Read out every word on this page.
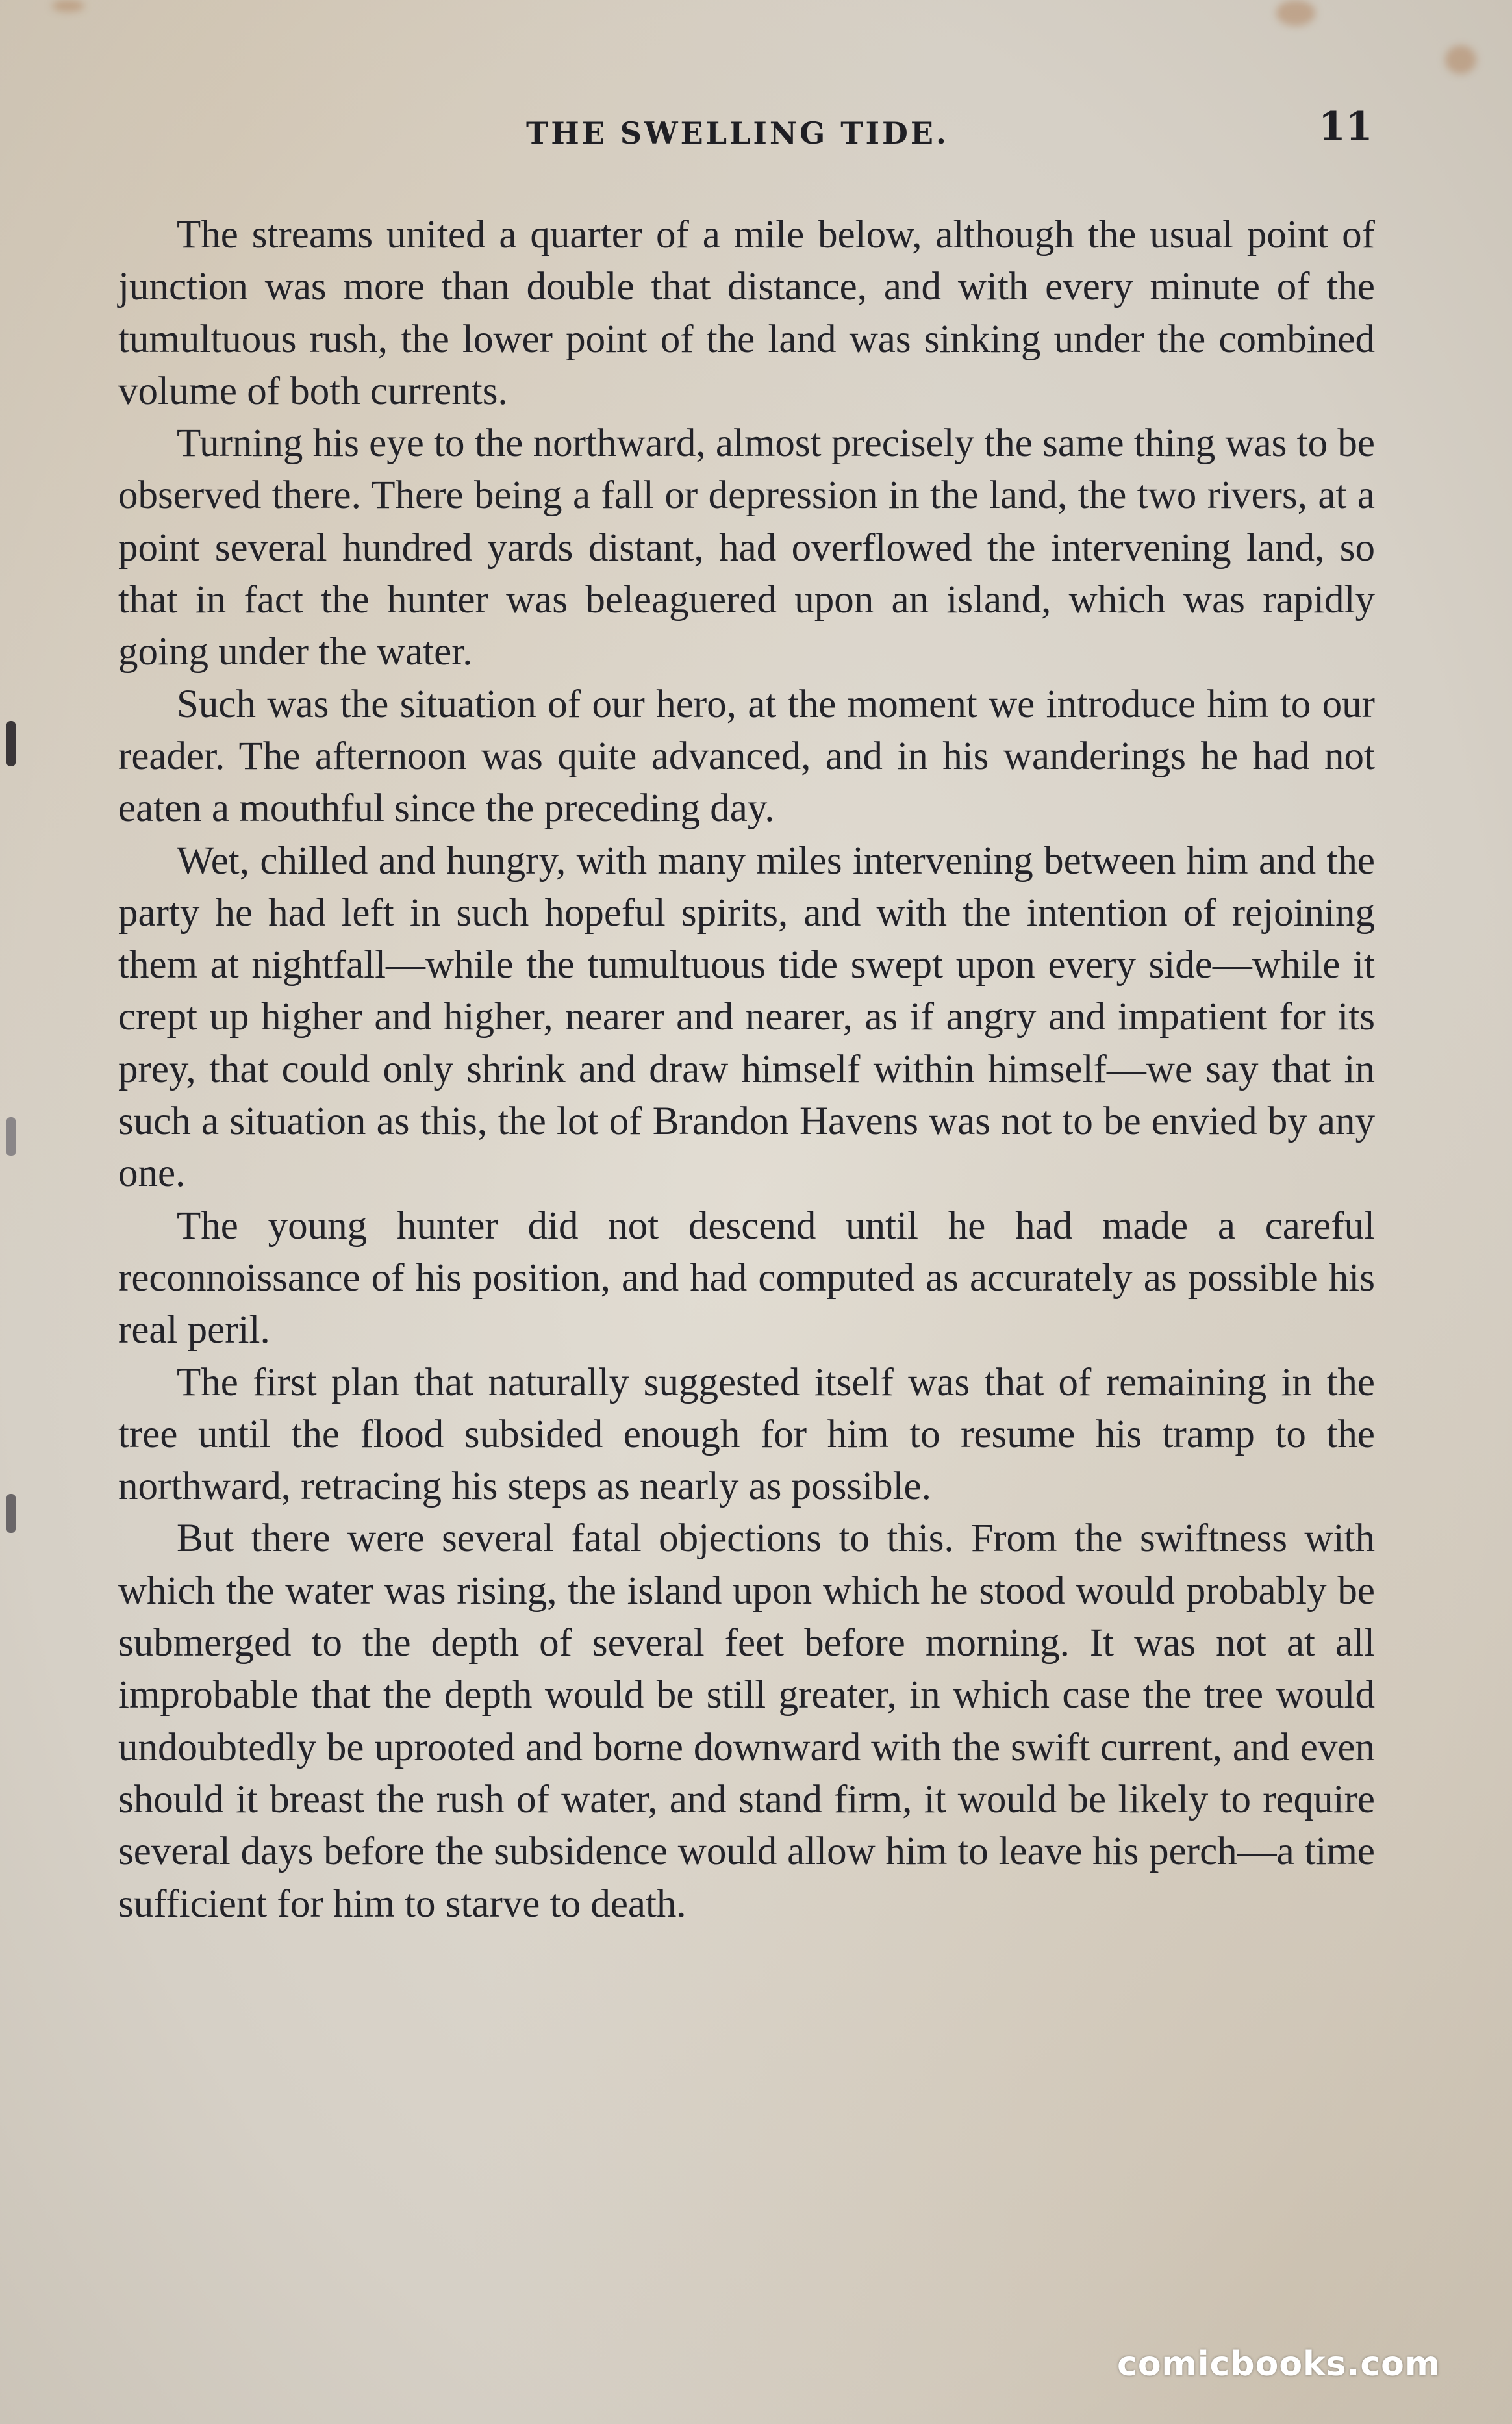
THE SWELLING TIDE.	11

The streams united a quarter of a mile below, although the usual point of junction was more than double that distance, and with every minute of the tumultuous rush, the lower point of the land was sinking under the combined volume of both currents.

Turning his eye to the northward, almost precisely the same thing was to be observed there. There being a fall or depression in the land, the two rivers, at a point several hundred yards distant, had overflowed the intervening land, so that in fact the hunter was beleaguered upon an island, which was rapidly going under the water.

Such was the situation of our hero, at the moment we introduce him to our reader. The afternoon was quite advanced, and in his wanderings he had not eaten a mouthful since the preceding day.

Wet, chilled and hungry, with many miles intervening between him and the party he had left in such hopeful spirits, and with the intention of rejoining them at nightfall—while the tumultuous tide swept upon every side—while it crept up higher and higher, nearer and nearer, as if angry and impatient for its prey, that could only shrink and draw himself within himself—we say that in such a situation as this, the lot of Brandon Havens was not to be envied by any one.

The young hunter did not descend until he had made a careful reconnoissance of his position, and had computed as accurately as possible his real peril.

The first plan that naturally suggested itself was that of remaining in the tree until the flood subsided enough for him to resume his tramp to the northward, retracing his steps as nearly as possible.

But there were several fatal objections to this. From the swiftness with which the water was rising, the island upon which he stood would probably be submerged to the depth of several feet before morning. It was not at all improbable that the depth would be still greater, in which case the tree would undoubtedly be uprooted and borne downward with the swift current, and even should it breast the rush of water, and stand firm, it would be likely to require several days before the subsidence would allow him to leave his perch—a time sufficient for him to starve to death.

comicbooks.com
